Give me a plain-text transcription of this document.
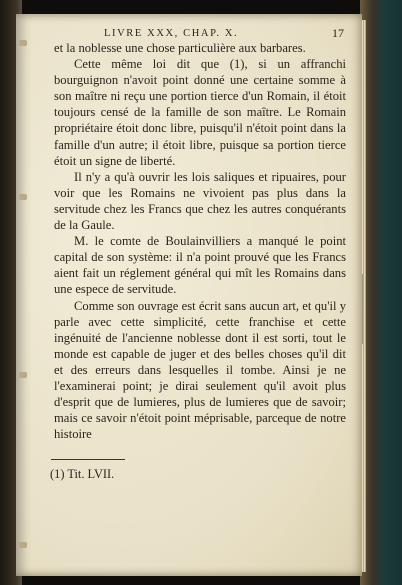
LIVRE XXX, CHAP. X.	17

et la noblesse une chose particulière aux barbares.

Cette même loi dit que (1), si un affranchi bourguignon n'avoit point donné une certaine somme à son maître ni reçu une portion tierce d'un Romain, il étoit toujours censé de la famille de son maître. Le Romain propriétaire étoit donc libre, puisqu'il n'étoit point dans la famille d'un autre; il étoit libre, puisque sa portion tierce étoit un signe de liberté.

Il n'y a qu'à ouvrir les lois saliques et ripuaires, pour voir que les Romains ne vivoient pas plus dans la servitude chez les Francs que chez les autres conquérants de la Gaule.

M. le comte de Boulainvilliers a manqué le point capital de son système: il n'a point prouvé que les Francs aient fait un réglement général qui mît les Romains dans une espece de servitude.

Comme son ouvrage est écrit sans aucun art, et qu'il y parle avec cette simplicité, cette franchise et cette ingénuité de l'ancienne noblesse dont il est sorti, tout le monde est capable de juger et des belles choses qu'il dit et des erreurs dans lesquelles il tombe. Ainsi je ne l'examinerai point; je dirai seulement qu'il avoit plus d'esprit que de lumieres, plus de lumieres que de savoir; mais ce savoir n'étoit point méprisable, parceque de notre histoire

(1) Tit. LVII.
